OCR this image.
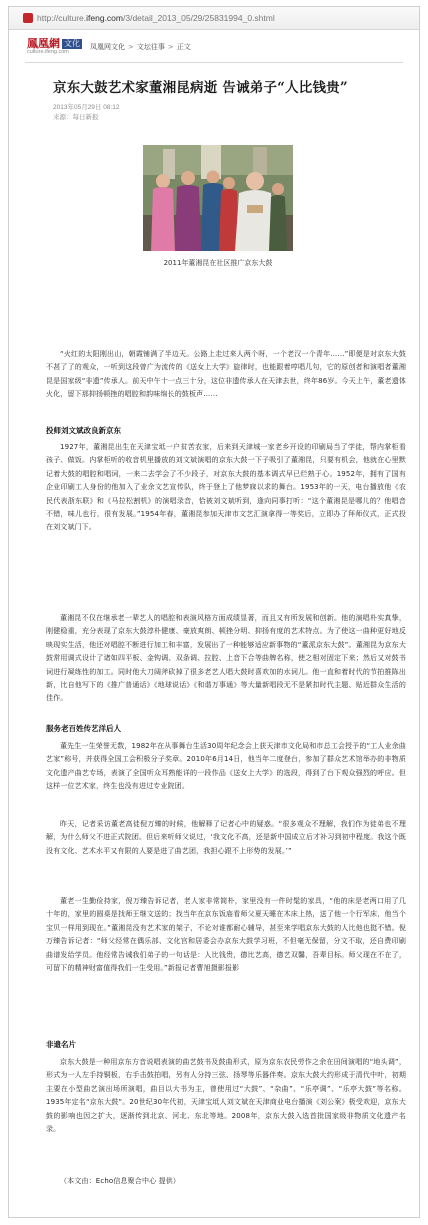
http://culture.ifeng.com/3/detail_2013_05/29/25831994_0.shtml
鳳凰網 文化
culture.ifeng.com
凤凰网文化 > 文坛往事 > 正文
京东大鼓艺术家董湘昆病逝 告诫弟子“人比钱贵”
2013年05月29日 08:12
来源：每日新报
2011年董湘昆在社区推广京东大鼓

“火红的太阳刚出山，朝霞铺满了半边天。公路上走过来人两个呀，一个老汉一个青年……”即便是对京东大鼓不甚了了的观众，一听到这段曾广为流传的《送女上大学》旋律时，也能跟着哼唱几句，它的原创者和演唱者董湘昆是国家级“非遗”传承人。前天中午十一点三十分，这位非遗传承人在天津去世，终年86岁。今天上午，董老遗体火化，留下那抑扬顿挫的唱腔和韵味绵长的鼓板声……

投师刘文斌改良新京东

1927年，董湘昆出生在天津宝坻一户贫苦农家，后来到天津城一家老乡开设的印刷局当了学徒，帮内掌柜看孩子、做饭。内掌柜听的收音机里播放的刘文斌演唱的京东大鼓一下子吸引了董湘昆，只要有机会，他就在心里默记着大鼓的唱腔和唱词，一来二去学会了不少段子，对京东大鼓的基本调式早已烂熟于心。1952年，拥有了国有企业印刷工人身份的他加入了业余文艺宣传队，终于登上了他梦寐以求的舞台。1953年的一天，电台播放他《农民代表浙东联》和《马拉松割机》的演唱录音，恰被刘文斌听到，逢向同事打听：“这个董湘昆是哪儿的？他唱音不错，味儿也行，很有发展。”1954年春，董湘昆参加天津市文艺汇演拿得一等奖后，立即办了拜师仪式，正式投在刘文斌门下。

董湘昆不仅在继承老一辈艺人的唱腔和表演风格方面成绩显著，而且又有所发展和创新。他的演唱朴实真挚，刚健稳重，充分表现了京东大鼓淳朴健康、豪放爽朗、顿挫分明、抑扬有度的艺术特点。为了使这一曲种更好地反映现实生活，他还对唱腔不断进行加工和丰富，发展出了一种能够适应新事物的“董派京东大鼓”。董湘昆为京东大鼓常用调式设计了诸如四平板、金钩调、双条调、拉腔、上音下合等曲牌名称，使之相对固定下来；然后又对鼓书词进行凝练性的加工。同时他大刀阔斧砍掉了很多老艺人唱大鼓时喜欢加的水词儿。他一直和着时代的节拍推陈出新，比自他写下的《推广普通话》《地球说话》《和谐万事通》等大量新唱段无不是紧扣时代主题、贴近群众生活的佳作。

服务老百姓传艺洋后人

董先生一生荣誉无数，1982年在从事舞台生活30周年纪念会上获天津市文化局和市总工会授予的“工人业余曲艺家”称号，并获得全国工会积极分子奖章。2010年6月14日，他当年二度登台，参加了群众艺术馆举办的非物质文化遗产曲艺专场，表演了全国听众耳熟能详的一段作品《送女上大学》的选段，得到了台下观众强烈的呼应。但这样一位艺术家，终生也没有进过专业院团。

昨天，记者采访董老高徒倪万臻的时候，他解释了记者心中的疑惑。“很多观众不理解，我们作为徒弟也不理解，为什么师父不进正式院团。但后来听师父说过，‘我文化不高，还是新中国成立后才补习到初中程度。我这个既没有文化、艺术水平又有限的人要是进了曲艺团，我担心跟不上形势的发展。’”

董老一生勤俭持家，倪万臻告诉记者，老人家非常简朴，家里没有一件时髦的家具，“他的床是老两口用了几十年的，家里的圆桌是找师王继文送的；找当年在京东饭庙看师父夏天睡在木床上热，送了他一个行军床，他当个宝贝一样用到现在。”董湘昆没有艺术家的架子，不论对谁都耐心辅导，甚至来学唱京东大鼓的人比他也挺不错。倪万臻告诉记者：“师父经常在偶乐部、文化宫和居委会办京东大鼓学习班，不但毫无保留，分文不取，还自费印刷曲谱发给学员。他经常告诫我们弟子的一句话是：人比钱贵，德比艺高，德艺双馨，吾辈目标。师父现在不在了，可留下的精神财富值得我们一生受用。”新报记者曹旭摄影报影

非遗名片

京东大鼓是一种用京东方音说唱表演的曲艺鼓书及鼓曲形式，原为京东农民劳作之余在田间演唱的“地头调”，形式为一人左手持铜板，右手击鼓拍唱，另有人分持三弦、扬琴等乐器伴奏。京东大鼓大约形成于清代中叶，初期主要在小型曲艺演出场所演唱，曲目以大书为主，曾使用过“大鼓”、“杂曲”、“乐亭调”、“乐亭大鼓”等名称。1935年定名“京东大鼓”。20世纪30年代初，天津宝坻人刘文斌在天津商业电台播演《刘公案》极受欢迎，京东大鼓的影响也因之扩大，逐渐传到北京、河北、东北等地。2008年，京东大鼓入选首批国家级非物质文化遗产名录。

（本文由：Echo信息聚合中心 提供）
